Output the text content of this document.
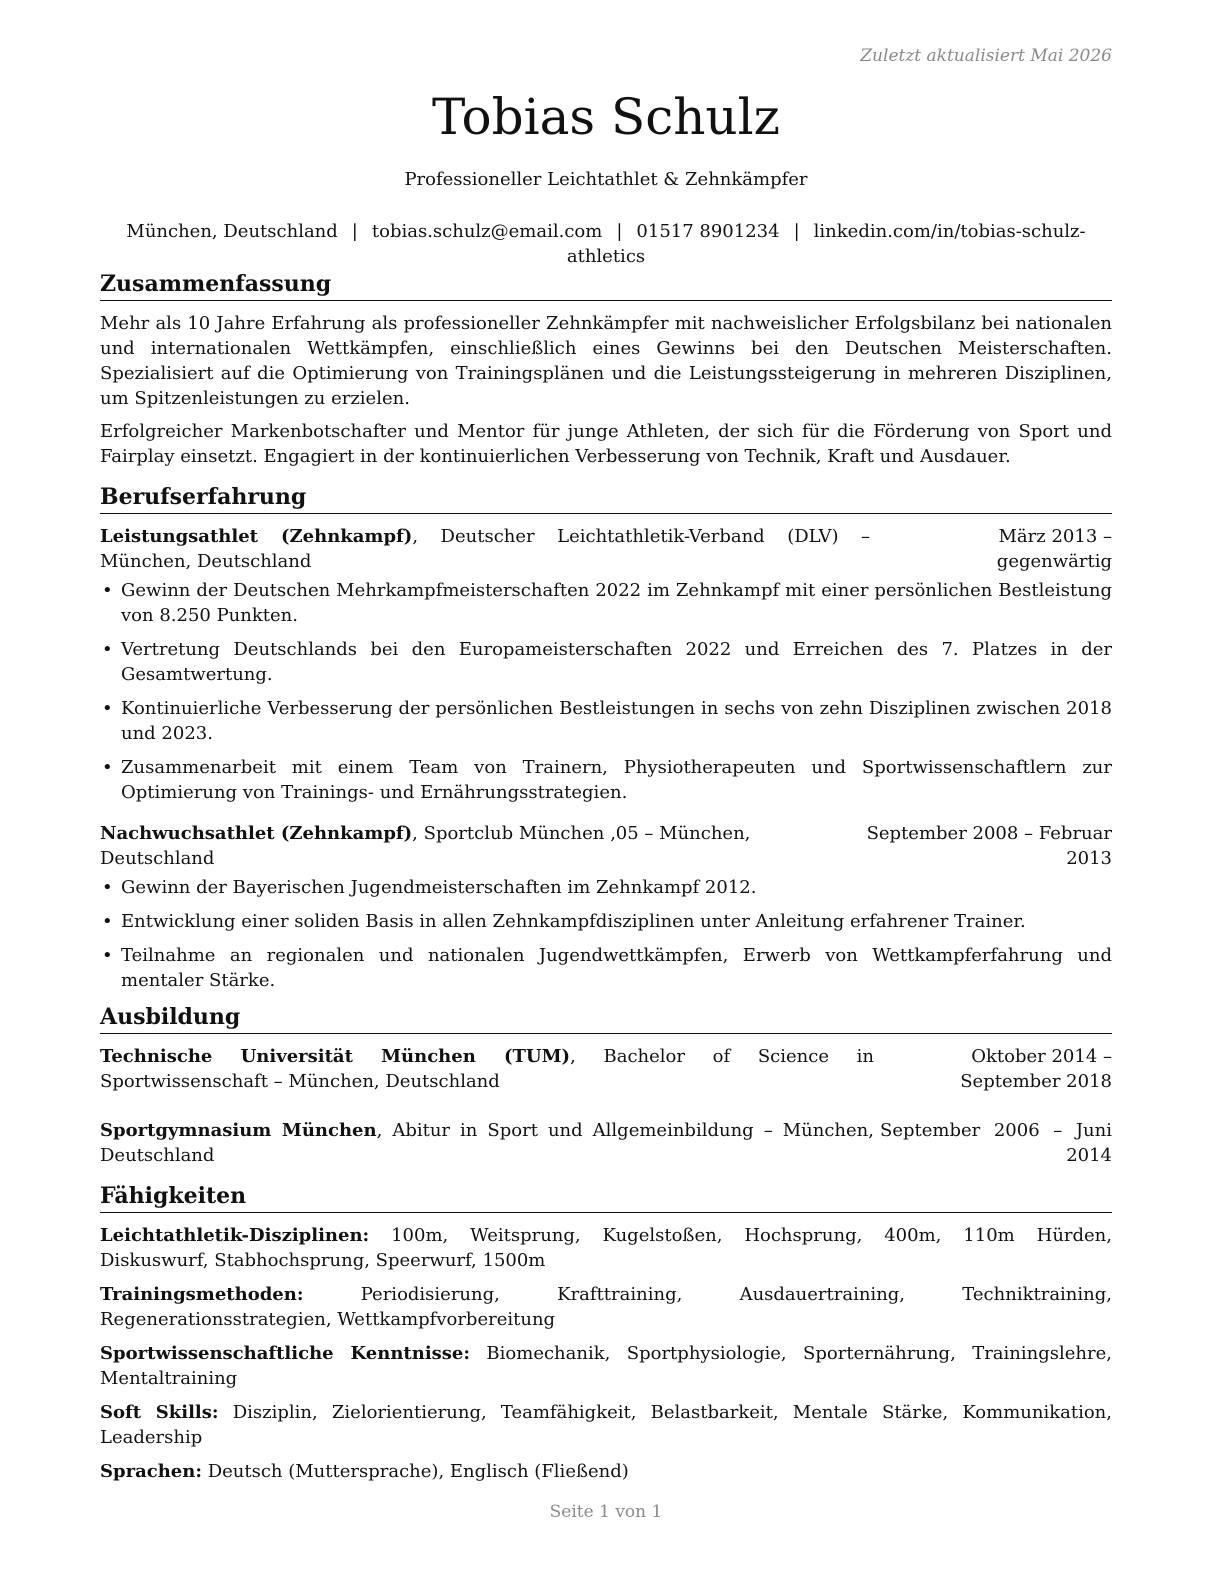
Zuletzt aktualisiert Mai 2026
Tobias Schulz
Professioneller Leichtathlet & Zehnkämpfer
München, Deutschland | tobias.schulz@email.com | 01517 8901234 | linkedin.com/in/tobias-schulz-athletics
Zusammenfassung

Mehr als 10 Jahre Erfahrung als professioneller Zehnkämpfer mit nachweislicher Erfolgsbilanz bei nationalen und internationalen Wettkämpfen, einschließlich eines Gewinns bei den Deutschen Meisterschaften. Spezialisiert auf die Optimierung von Trainingsplänen und die Leistungssteigerung in mehreren Disziplinen, um Spitzenleistungen zu erzielen.

Erfolgreicher Markenbotschafter und Mentor für junge Athleten, der sich für die Förderung von Sport und Fairplay einsetzt. Engagiert in der kontinuierlichen Verbesserung von Technik, Kraft und Ausdauer.

Berufserfahrung
Leistungsathlet (Zehnkampf), Deutscher Leichtathletik-Verband (DLV) – München, Deutschland
März 2013 – gegenwärtig
• Gewinn der Deutschen Mehrkampfmeisterschaften 2022 im Zehnkampf mit einer persönlichen Bestleistung von 8.250 Punkten.
• Vertretung Deutschlands bei den Europameisterschaften 2022 und Erreichen des 7. Platzes in der Gesamtwertung.
• Kontinuierliche Verbesserung der persönlichen Bestleistungen in sechs von zehn Disziplinen zwischen 2018 und 2023.
• Zusammenarbeit mit einem Team von Trainern, Physiotherapeuten und Sportwissenschaftlern zur Optimierung von Trainings- und Ernährungsstrategien.
Nachwuchsathlet (Zehnkampf), Sportclub München ‚05 – München, Deutschland
September 2008 – Februar 2013
• Gewinn der Bayerischen Jugendmeisterschaften im Zehnkampf 2012.
• Entwicklung einer soliden Basis in allen Zehnkampfdisziplinen unter Anleitung erfahrener Trainer.
• Teilnahme an regionalen und nationalen Jugendwettkämpfen, Erwerb von Wettkampferfahrung und mentaler Stärke.
Ausbildung
Technische Universität München (TUM), Bachelor of Science in Sportwissenschaft – München, Deutschland
Oktober 2014 – September 2018
Sportgymnasium München, Abitur in Sport und Allgemeinbildung – München, Deutschland
September 2006 – Juni 2014
Fähigkeiten
Leichtathletik-Disziplinen: 100m, Weitsprung, Kugelstoßen, Hochsprung, 400m, 110m Hürden, Diskuswurf, Stabhochsprung, Speerwurf, 1500m
Trainingsmethoden: Periodisierung, Krafttraining, Ausdauertraining, Techniktraining, Regenerationsstrategien, Wettkampfvorbereitung
Sportwissenschaftliche Kenntnisse: Biomechanik, Sportphysiologie, Sporternährung, Trainingslehre, Mentaltraining
Soft Skills: Disziplin, Zielorientierung, Teamfähigkeit, Belastbarkeit, Mentale Stärke, Kommunikation, Leadership
Sprachen: Deutsch (Muttersprache), Englisch (Fließend)
Seite 1 von 1
